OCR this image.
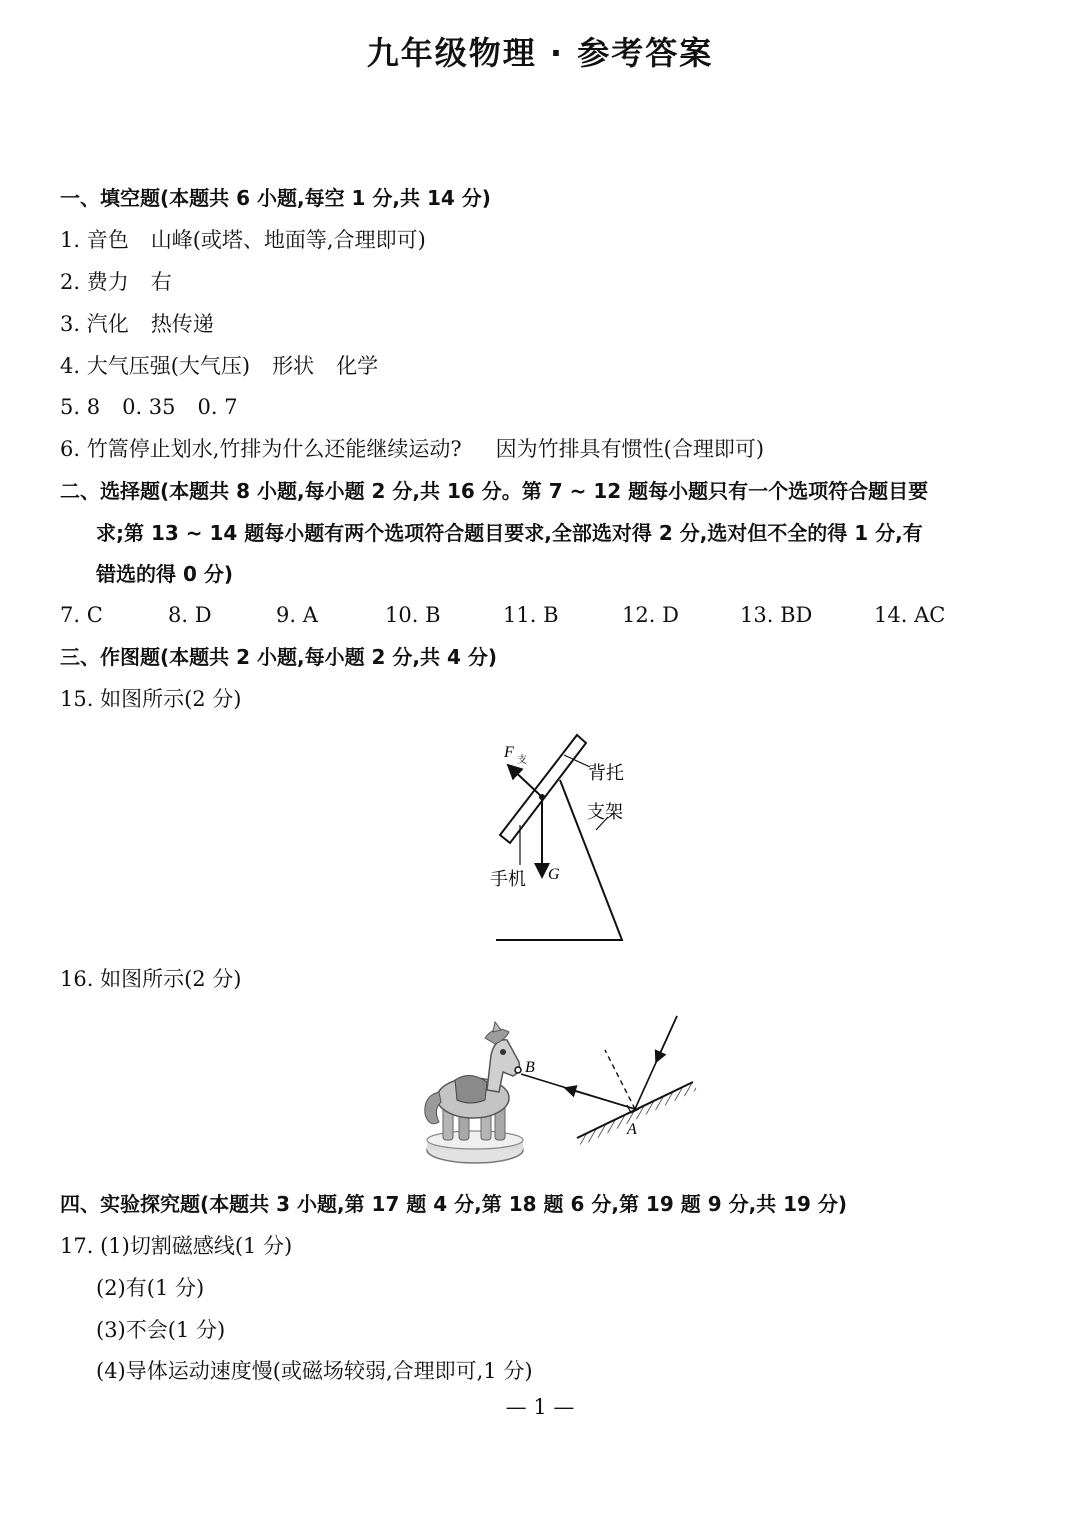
九年级物理 · 参考答案
一、填空题(本题共 6 小题,每空 1 分,共 14 分)
1. 音色 山峰(或塔、地面等,合理即可)
2. 费力 右
3. 汽化 热传递
4. 大气压强(大气压) 形状 化学
5. 8 0. 35 0. 7
6. 竹篙停止划水,竹排为什么还能继续运动? 因为竹排具有惯性(合理即可)
二、选择题(本题共 8 小题,每小题 2 分,共 16 分。第 7 ~ 12 题每小题只有一个选项符合题目要
求;第 13 ~ 14 题每小题有两个选项符合题目要求,全部选对得 2 分,选对但不全的得 1 分,有
错选的得 0 分)
7. C	8. D	9. A	10. B	11. B	12. D	13. BD	14. AC
三、作图题(本题共 2 小题,每小题 2 分,共 4 分)
15. 如图所示(2 分)
F 支
背托
支架
手机 G
16. 如图所示(2 分)
B
A
四、实验探究题(本题共 3 小题,第 17 题 4 分,第 18 题 6 分,第 19 题 9 分,共 19 分)
17. (1)切割磁感线(1 分)
(2)有(1 分)
(3)不会(1 分)
(4)导体运动速度慢(或磁场较弱,合理即可,1 分)
— 1 —
